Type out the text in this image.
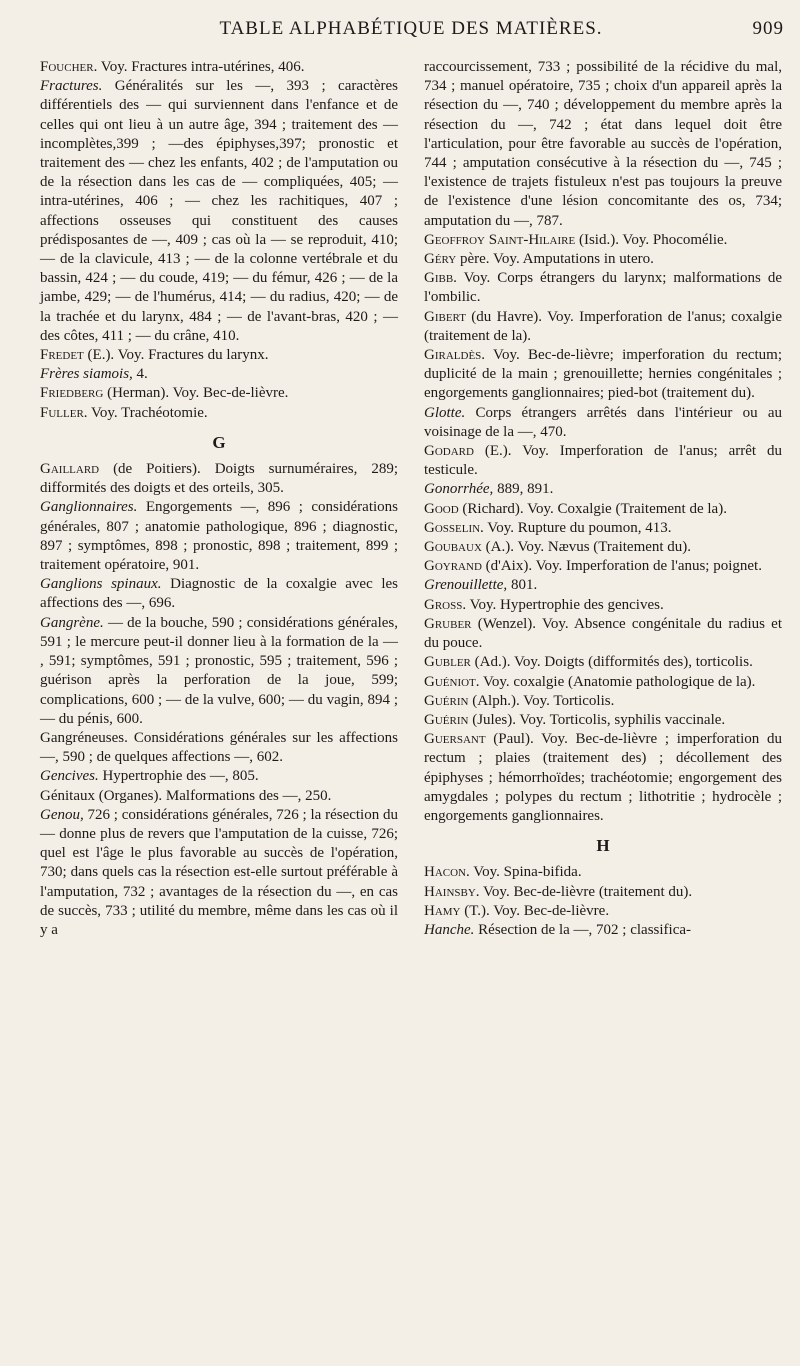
TABLE ALPHABÉTIQUE DES MATIÈRES.	909

Foucher. Voy. Fractures intra-utérines, 406.

Fractures. Généralités sur les —, 393 ; caractères différentiels des — qui surviennent dans l'enfance et de celles qui ont lieu à un autre âge, 394 ; traitement des — incomplètes,399 ; —des épiphyses,397; pronostic et traitement des — chez les enfants, 402 ; de l'amputation ou de la résection dans les cas de — compliquées, 405; — intra-utérines, 406 ; — chez les rachitiques, 407 ; affections osseuses qui constituent des causes prédisposantes de —, 409 ; cas où la — se reproduit, 410; — de la clavicule, 413 ; — de la colonne vertébrale et du bassin, 424 ; — du coude, 419; — du fémur, 426 ; — de la jambe, 429; — de l'humérus, 414; — du radius, 420; — de la trachée et du larynx, 484 ; — de l'avant-bras, 420 ; — des côtes, 411 ; — du crâne, 410.

Fredet (E.). Voy. Fractures du larynx.

Frères siamois, 4.

Friedberg (Herman). Voy. Bec-de-lièvre.

Fuller. Voy. Trachéotomie.

G

Gaillard (de Poitiers). Doigts surnuméraires, 289; difformités des doigts et des orteils, 305.

Ganglionnaires. Engorgements —, 896 ; considérations générales, 807 ; anatomie pathologique, 896 ; diagnostic, 897 ; symptômes, 898 ; pronostic, 898 ; traitement, 899 ; traitement opératoire, 901.

Ganglions spinaux. Diagnostic de la coxalgie avec les affections des —, 696.

Gangrène. — de la bouche, 590 ; considérations générales, 591 ; le mercure peut-il donner lieu à la formation de la — , 591; symptômes, 591 ; pronostic, 595 ; traitement, 596 ; guérison après la perforation de la joue, 599; complications, 600 ; — de la vulve, 600; — du vagin, 894 ; — du pénis, 600.

Gangréneuses. Considérations générales sur les affections —, 590 ; de quelques affections —, 602.

Gencives. Hypertrophie des —, 805.

Génitaux (Organes). Malformations des —, 250.

Genou, 726 ; considérations générales, 726 ; la résection du — donne plus de revers que l'amputation de la cuisse, 726; quel est l'âge le plus favorable au succès de l'opération, 730; dans quels cas la résection est-elle surtout préférable à l'amputation, 732 ; avantages de la résection du —, en cas de succès, 733 ; utilité du membre, même dans les cas où il y a

raccourcissement, 733 ; possibilité de la récidive du mal, 734 ; manuel opératoire, 735 ; choix d'un appareil après la résection du —, 740 ; développement du membre après la résection du —, 742 ; état dans lequel doit être l'articulation, pour être favorable au succès de l'opération, 744 ; amputation consécutive à la résection du —, 745 ; l'existence de trajets fistuleux n'est pas toujours la preuve de l'existence d'une lésion concomitante des os, 734; amputation du —, 787.

Geoffroy Saint-Hilaire (Isid.). Voy. Phocomélie.

Géry père. Voy. Amputations in utero.

Gibb. Voy. Corps étrangers du larynx; malformations de l'ombilic.

Gibert (du Havre). Voy. Imperforation de l'anus; coxalgie (traitement de la).

Giraldès. Voy. Bec-de-lièvre; imperforation du rectum; duplicité de la main ; grenouillette; hernies congénitales ; engorgements ganglionnaires; pied-bot (traitement du).

Glotte. Corps étrangers arrêtés dans l'intérieur ou au voisinage de la —, 470.

Godard (E.). Voy. Imperforation de l'anus; arrêt du testicule.

Gonorrhée, 889, 891.

Good (Richard). Voy. Coxalgie (Traitement de la).

Gosselin. Voy. Rupture du poumon, 413.

Goubaux (A.). Voy. Nævus (Traitement du).

Goyrand (d'Aix). Voy. Imperforation de l'anus; poignet.

Grenouillette, 801.

Gross. Voy. Hypertrophie des gencives.

Gruber (Wenzel). Voy. Absence congénitale du radius et du pouce.

Gubler (Ad.). Voy. Doigts (difformités des), torticolis.

Guéniot. Voy. coxalgie (Anatomie pathologique de la).

Guérin (Alph.). Voy. Torticolis.

Guérin (Jules). Voy. Torticolis, syphilis vaccinale.

Guersant (Paul). Voy. Bec-de-lièvre ; imperforation du rectum ; plaies (traitement des) ; décollement des épiphyses ; hémorrhoïdes; trachéotomie; engorgement des amygdales ; polypes du rectum ; lithotritie ; hydrocèle ; engorgements ganglionnaires.

H

Hacon. Voy. Spina-bifida.

Hainsby. Voy. Bec-de-lièvre (traitement du).

Hamy (T.). Voy. Bec-de-lièvre.

Hanche. Résection de la —, 702 ; classifica-
